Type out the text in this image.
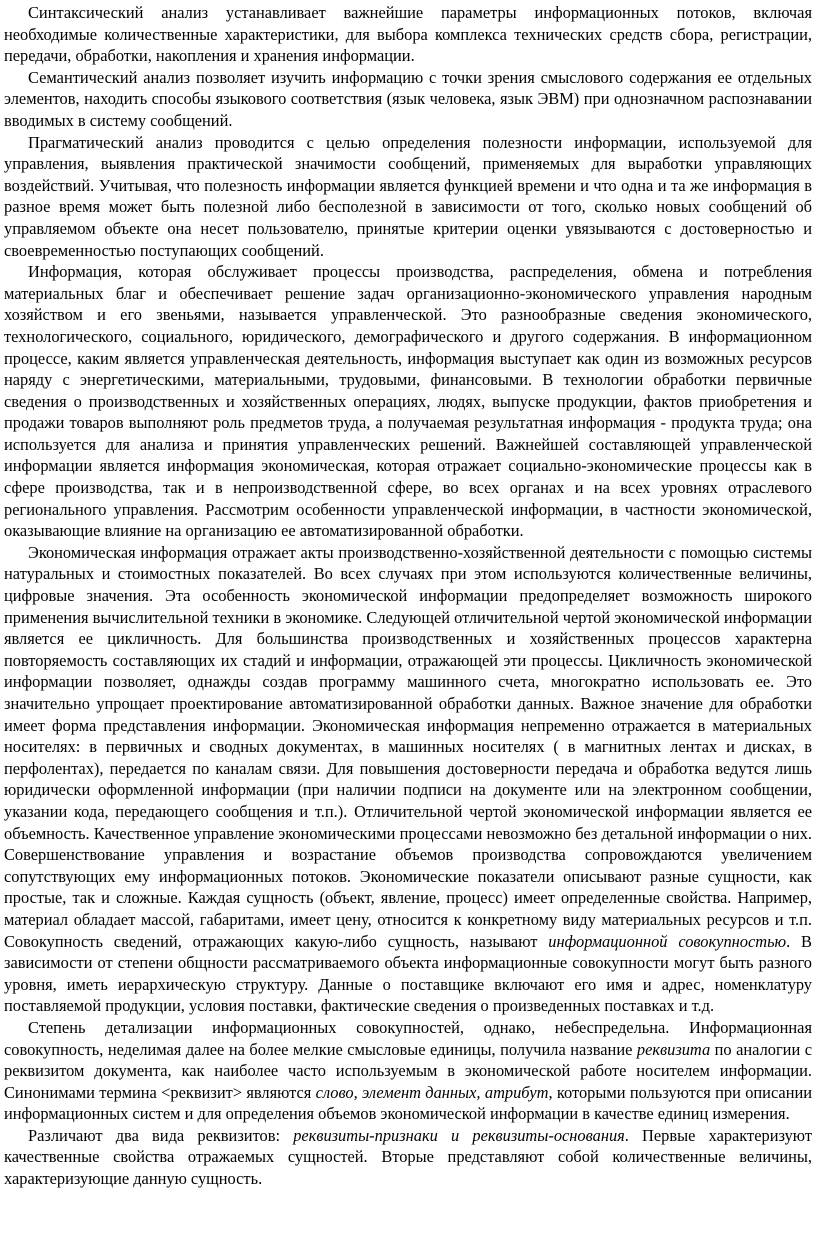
Синтаксический анализ устанавливает важнейшие параметры информационных потоков, включая необходимые количественные характеристики, для выбора комплекса технических средств сбора, регистрации, передачи, обработки, накопления и хранения информации.

Семантический анализ позволяет изучить информацию с точки зрения смыслового содержания ее отдельных элементов, находить способы языкового соответствия (язык человека, язык ЭВМ) при однозначном распознавании вводимых в систему сообщений.

Прагматический анализ проводится с целью определения полезности информации, используемой для управления, выявления практической значимости сообщений, применяемых для выработки управляющих воздействий. Учитывая, что полезность информации является функцией времени и что одна и та же информация в разное время может быть полезной либо бесполезной в зависимости от того, сколько новых сообщений об управляемом объекте она несет пользователю, принятые критерии оценки увязываются с достоверностью и своевременностью поступающих сообщений.

Информация, которая обслуживает процессы производства, распределения, обмена и потребления материальных благ и обеспечивает решение задач организационно-экономического управления народным хозяйством и его звеньями, называется управленческой. Это разнообразные сведения экономического, технологического, социального, юридического, демографического и другого содержания. В информационном процессе, каким является управленческая деятельность, информация выступает как один из возможных ресурсов наряду с энергетическими, материальными, трудовыми, финансовыми. В технологии обработки первичные сведения о производственных и хозяйственных операциях, людях, выпуске продукции, фактов приобретения и продажи товаров выполняют роль предметов труда, а получаемая результатная информация - продукта труда; она используется для анализа и принятия управленческих решений. Важнейшей составляющей управленческой информации является информация экономическая, которая отражает социально-экономические процессы как в сфере производства, так и в непроизводственной сфере, во всех органах и на всех уровнях отраслевого регионального управления. Рассмотрим особенности управленческой информации, в частности экономической, оказывающие влияние на организацию ее автоматизированной обработки.

Экономическая информация отражает акты производственно-хозяйственной деятельности с помощью системы натуральных и стоимостных показателей. Во всех случаях при этом используются количественные величины, цифровые значения. Эта особенность экономической информации предопределяет возможность широкого применения вычислительной техники в экономике. Следующей отличительной чертой экономической информации является ее цикличность. Для большинства производственных и хозяйственных процессов характерна повторяемость составляющих их стадий и информации, отражающей эти процессы. Цикличность экономической информации позволяет, однажды создав программу машинного счета, многократно использовать ее. Это значительно упрощает проектирование автоматизированной обработки данных. Важное значение для обработки имеет форма представления информации. Экономическая информация непременно отражается в материальных носителях: в первичных и сводных документах, в машинных носителях ( в магнитных лентах и дисках, в перфолентах), передается по каналам связи. Для повышения достоверности передача и обработка ведутся лишь юридически оформленной информации (при наличии подписи на документе или на электронном сообщении, указании кода, передающего сообщения и т.п.). Отличительной чертой экономической информации является ее объемность. Качественное управление экономическими процессами невозможно без детальной информации о них. Совершенствование управления и возрастание объемов производства сопровождаются увеличением сопутствующих ему информационных потоков. Экономические показатели описывают разные сущности, как простые, так и сложные. Каждая сущность (объект, явление, процесс) имеет определенные свойства. Например, материал обладает массой, габаритами, имеет цену, относится к конкретному виду материальных ресурсов и т.п. Совокупность сведений, отражающих какую-либо сущность, называют информационной совокупностью. В зависимости от степени общности рассматриваемого объекта информационные совокупности могут быть разного уровня, иметь иерархическую структуру. Данные о поставщике включают его имя и адрес, номенклатуру поставляемой продукции, условия поставки, фактические сведения о произведенных поставках и т.д.

Степень детализации информационных совокупностей, однако, небеспредельна. Информационная совокупность, неделимая далее на более мелкие смысловые единицы, получила название реквизита по аналогии с реквизитом документа, как наиболее часто используемым в экономической работе носителем информации. Синонимами термина <реквизит> являются слово, элемент данных, атрибут, которыми пользуются при описании информационных систем и для определения объемов экономической информации в качестве единиц измерения.

Различают два вида реквизитов: реквизиты-признаки и реквизиты-основания. Первые характеризуют качественные свойства отражаемых сущностей. Вторые представляют собой количественные величины, характеризующие данную сущность.
